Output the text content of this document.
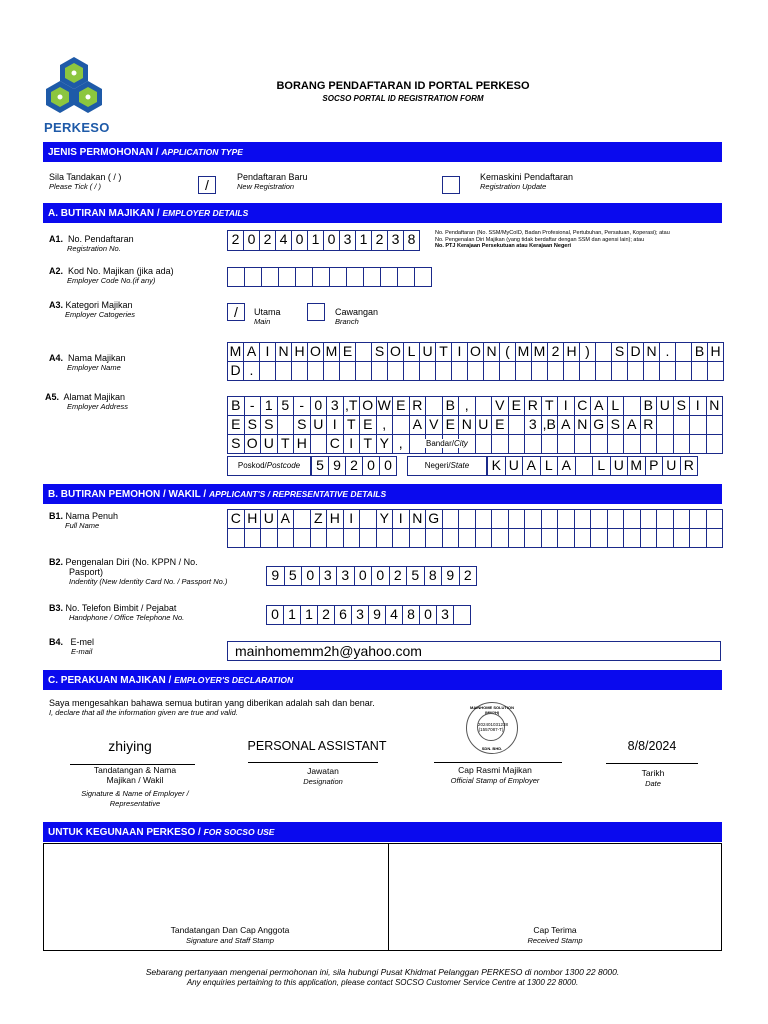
PERKESO
BORANG PENDAFTARAN ID PORTAL PERKESO
SOCSO PORTAL ID REGISTRATION FORM
JENIS PERMOHONAN / APPLICATION TYPE
Sila Tandakan ( / )
Please Tick ( / )	/	Pendaftaran Baru
New Registration
Kemaskini Pendaftaran
Registration Update
A. BUTIRAN MAJIKAN / EMPLOYER DETAILS
A1. No. Pendaftaran
Registration No.
2 0 2 4 0 1 0 3 1 2 3 8	No. Pendaftaran (No. SSM/MyCoID, Badan Profesional, Pertubuhan, Persatuan, Koperasi); atau
No. Pengenalan Diri Majikan (yang tidak berdaftar dengan SSM dan agensi lain); atau
No. PTJ Kerajaan Persekutuan atau Kerajaan Negeri
A2. Kod No. Majikan (jika ada)
Employer Code No.(if any)
A3. Kategori Majikan
Employer Catogeries	/	Utama
Main
Cawangan
Branch
A4. Nama Majikan
Employer Name
M A I N H O M E S O L U T I O N ( M M 2 H )	S D N .	B H
D .
A5. Alamat Majikan
Employer Address	B - 1 5 - 0 3 ,T O W E R B ,	V E R T I C A L	B U S I N
E S S S U I T E ,	A V E N U E 3 ,B A N G S A R
S O U T H C I T Y ,	Bandar/City
Poskod/Postcode	5 9 2 0 0	Negeri/State	K U A L A	L U M P U R
B. BUTIRAN PEMOHON / WAKIL / APPLICANT'S / REPRESENTATIVE DETAILS
B1. Nama Penuh
Full Name	C H U A Z H I	Y I N G
B2. Pengenalan Diri (No. KPPN / No.
Pasport)
Indentity (New Identity Card No. / Passport No.)	9 5 0 3 3 0 0 2 5 8 9 2
B3. No. Telefon Bimbit / Pejabat
Handphone / Office Telephone No.	0 1 1 2 6 3 9 4 8 0 3
B4. E-mel
E-mail	mainhomemm2h@yahoo.com
C. PERAKUAN MAJIKAN / EMPLOYER'S DECLARATION
Saya mengesahkan bahawa semua butiran yang diberikan adalah sah dan benar.
I, declare that all the information given are true and valid.
MAINHOME SOLUTION (MM2H)
202401031238 (1557087-T)
SDN. BHD.
zhiying	PERSONAL ASSISTANT	8/8/2024
Tandatangan & Nama
Majikan / Wakil
Signature & Name of Employer /
Representative
Jawatan
Designation
Cap Rasmi Majikan
Official Stamp of Employer
Tarikh
Date
UNTUK KEGUNAAN PERKESO / FOR SOCSO USE
Tandatangan Dan Cap Anggota
Signature and Staff Stamp
Cap Terima
Received Stamp
Sebarang pertanyaan mengenai permohonan ini, sila hubungi Pusat Khidmat Pelanggan PERKESO di nombor 1300 22 8000.
Any enquiries pertaining to this application, please contact SOCSO Customer Service Centre at 1300 22 8000.
